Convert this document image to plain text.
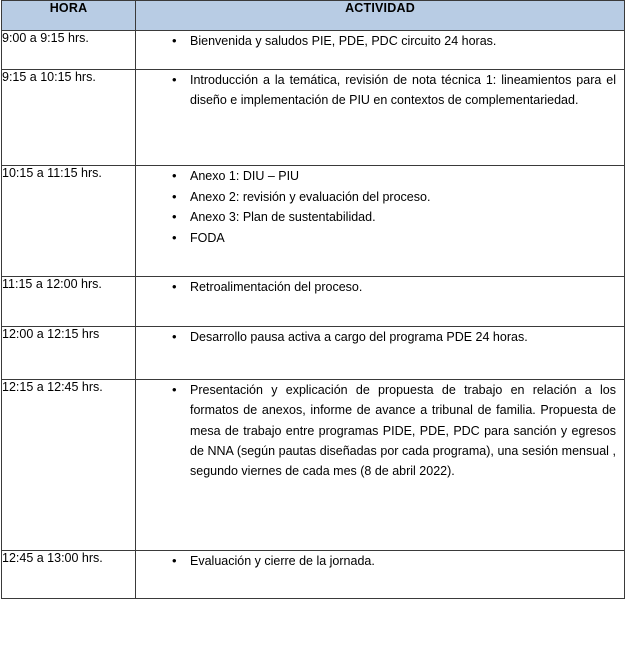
HORA	ACTIVIDAD
9:00 a 9:15 hrs.	
•Bienvenida y saludos PIE, PDE, PDC circuito 24 horas.

9:15 a 10:15 hrs.	
•Introducción a la temática, revisión de nota técnica 1: lineamientos para el diseño e implementación de PIU en contextos de complementariedad.

10:15 a 11:15 hrs.	
•Anexo 1: DIU – PIU
• Anexo 2: revisión y evaluación del proceso.
• Anexo 3: Plan de sustentabilidad.
• FODA

11:15 a 12:00 hrs.	
•Retroalimentación del proceso.

12:00 a 12:15 hrs	
•Desarrollo pausa activa a cargo del programa PDE 24 horas.

12:15 a 12:45 hrs.	
•Presentación y explicación de propuesta de trabajo en relación a los formatos de anexos, informe de avance a tribunal de familia. Propuesta de mesa de trabajo entre programas PIDE, PDE, PDC para sanción y egresos de NNA (según pautas diseñadas por cada programa), una sesión mensual , segundo viernes de cada mes (8 de abril 2022).

12:45 a 13:00 hrs.	
•Evaluación y cierre de la jornada.
